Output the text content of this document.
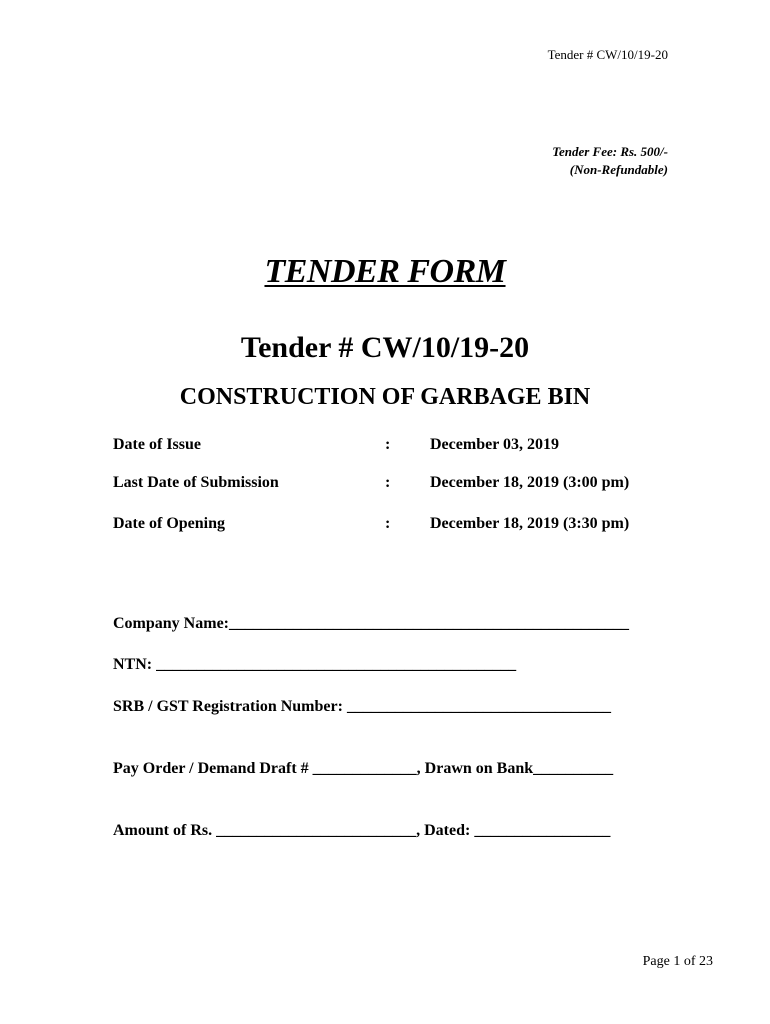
Tender # CW/10/19-20
Tender Fee: Rs. 500/-
(Non-Refundable)
TENDER FORM
Tender # CW/10/19-20
CONSTRUCTION OF GARBAGE BIN
Date of Issue	: December 03, 2019
Last Date of Submission	: December 18, 2019 (3:00 pm)
Date of Opening	: December 18, 2019 (3:30 pm)
Company Name:__________________________________________________
NTN: _____________________________________________
SRB / GST Registration Number: _________________________________
Pay Order / Demand Draft # _____________, Drawn on Bank__________
Amount of Rs. _________________________, Dated: _________________
Page 1 of 23
